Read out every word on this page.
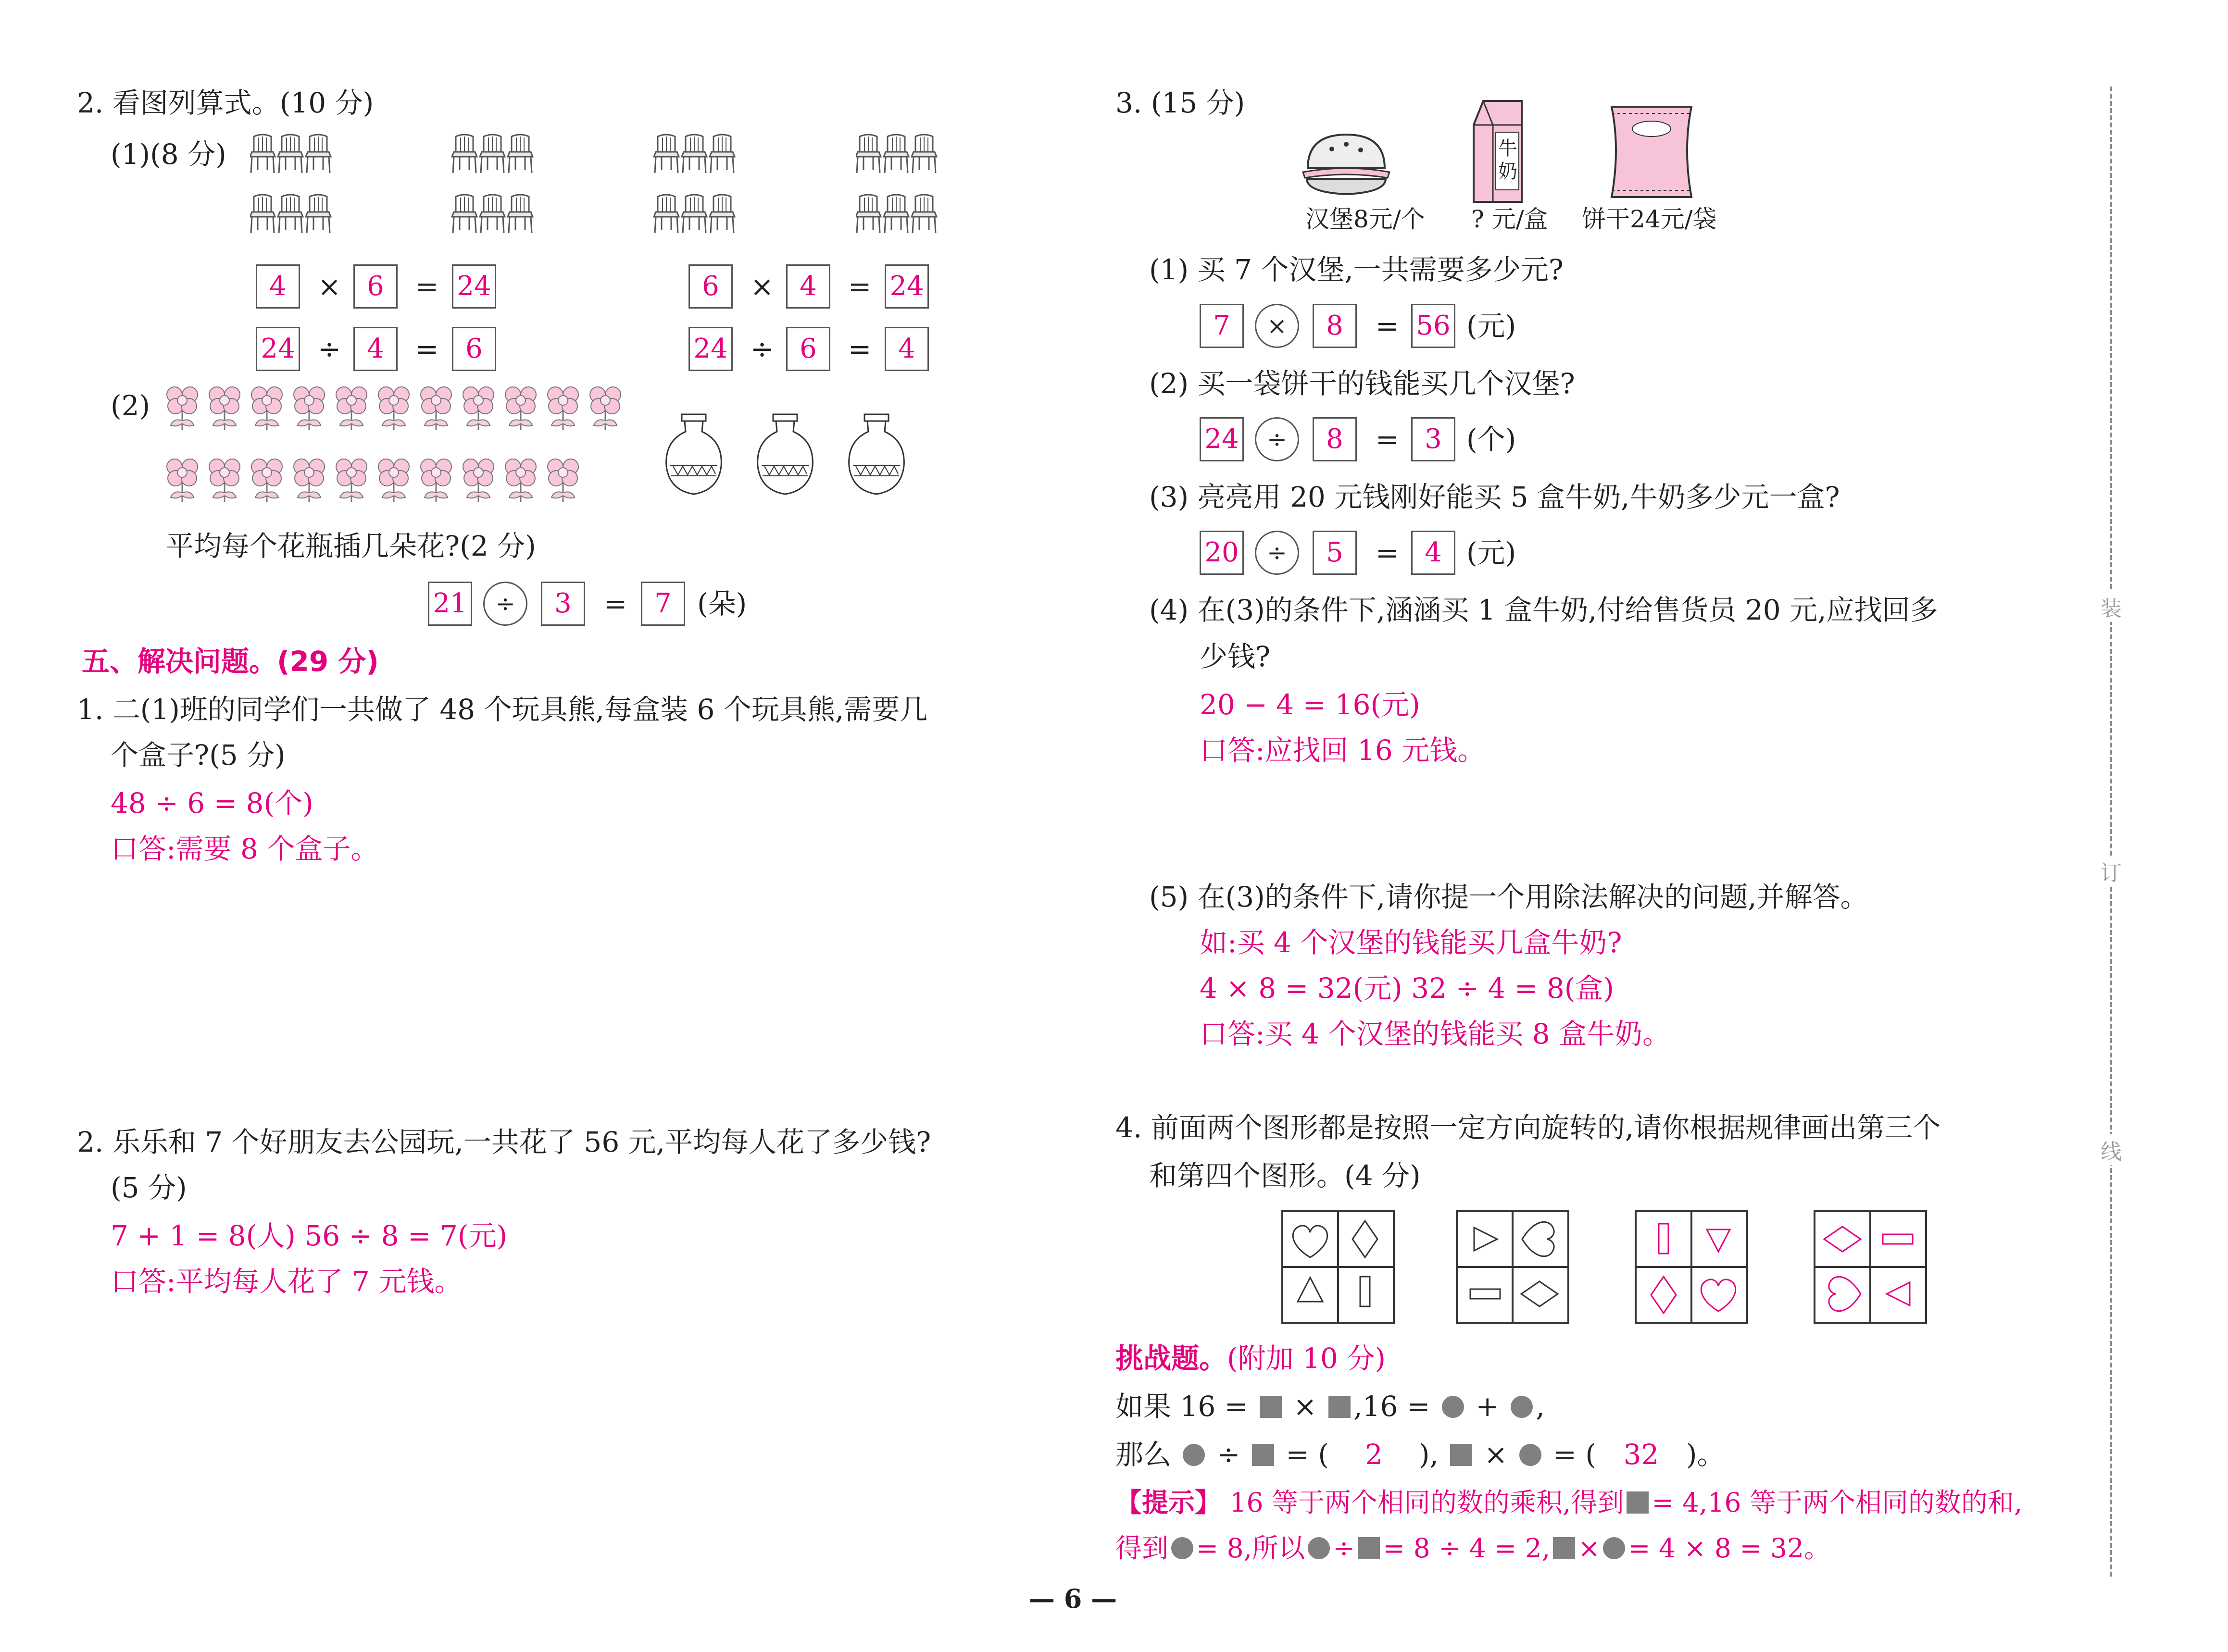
2. 看图列算式。(10 分)
(1)(8 分)
4	× 6	= 24
24 ÷ 4	= 6
6	× 4	= 24
24 ÷ 6	= 4
(2)
平均每个花瓶插几朵花?(2 分)
21	÷	3	=	7 (朵)
五、解决问题。(29 分)
1. 二(1)班的同学们一共做了 48 个玩具熊,每盒装 6 个玩具熊,需要几
个盒子?(5 分)
48 ÷ 6 = 8(个)
口答:需要 8 个盒子。
2. 乐乐和 7 个好朋友去公园玩,一共花了 56 元,平均每人花了多少钱?
(5 分)
7 + 1 = 8(人) 56 ÷ 8 = 7(元)
口答:平均每人花了 7 元钱。
3. (15 分)
牛
奶
汉堡8元/个 ? 元/盒 饼干24元/袋
(1) 买 7 个汉堡,一共需要多少元?
7	×	8	= 56 (元)
(2) 买一袋饼干的钱能买几个汉堡?
24	÷	8	= 3 (个)
(3) 亮亮用 20 元钱刚好能买 5 盒牛奶,牛奶多少元一盒?
20	÷	5	= 4 (元)
(4) 在(3)的条件下,涵涵买 1 盒牛奶,付给售货员 20 元,应找回多
少钱?
20 − 4 = 16(元)
口答:应找回 16 元钱。
(5) 在(3)的条件下,请你提一个用除法解决的问题,并解答。
如:买 4 个汉堡的钱能买几盒牛奶?
4 × 8 = 32(元) 32 ÷ 4 = 8(盒)
口答:买 4 个汉堡的钱能买 8 盒牛奶。
4. 前面两个图形都是按照一定方向旋转的,请你根据规律画出第三个
和第四个图形。(4 分)
挑战题。(附加 10 分)
如果 16 = × ,16 = + ,
那么 ÷ = ( 2 ), × = ( 32 )。
【提示】 16 等于两个相同的数的乘积,得到 = 4,16 等于两个相同的数的和,
得到 = 8,所以 ÷ = 8 ÷ 4 = 2, × = 4 × 8 = 32。
装
订
线
— 6 —
